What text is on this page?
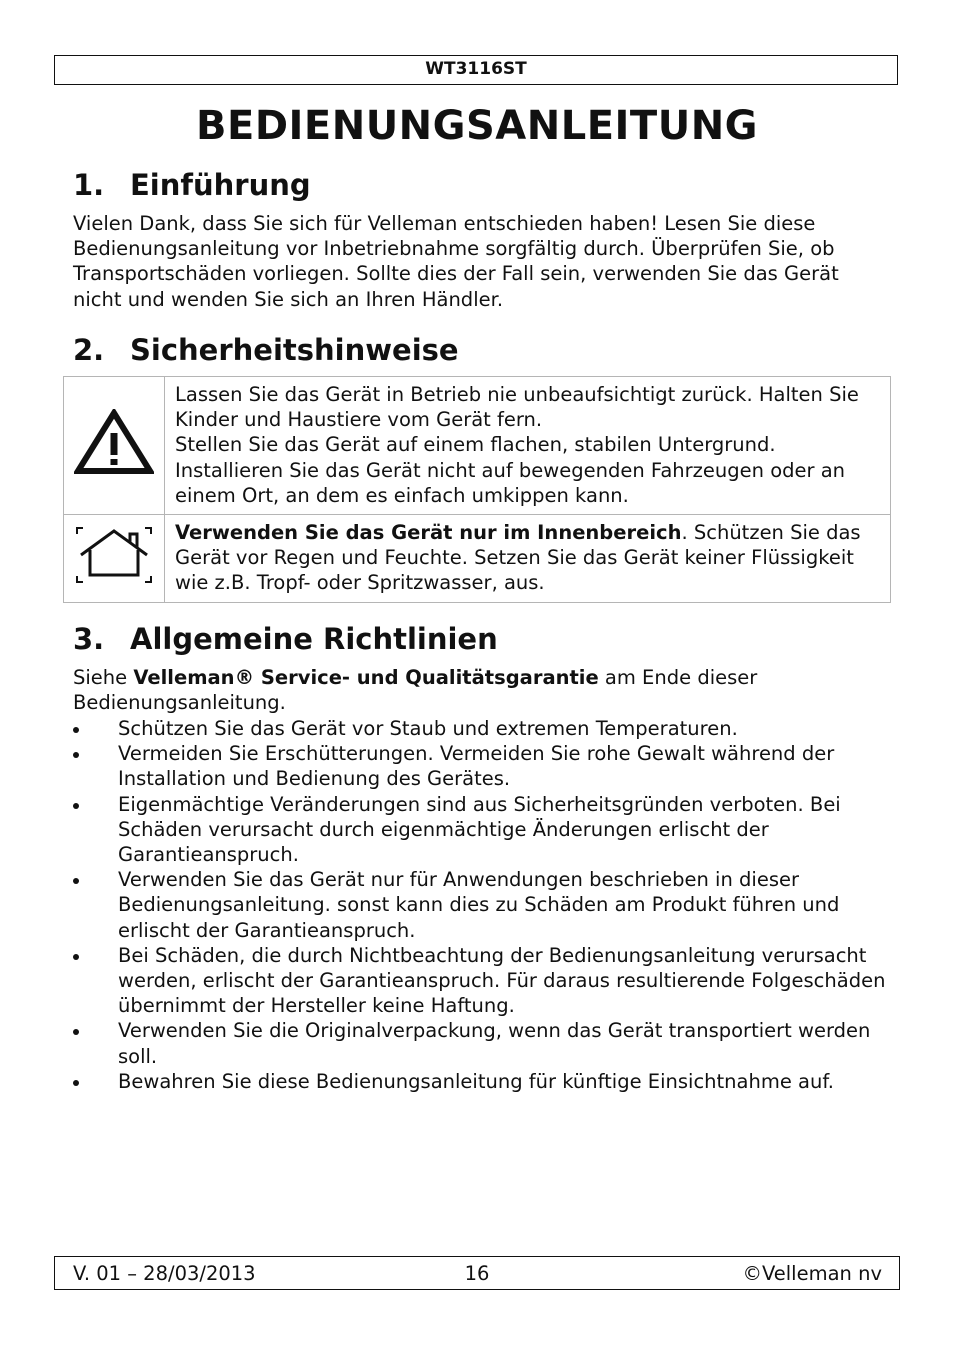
WT3116ST
BEDIENUNGSANLEITUNG
1. Einführung

Vielen Dank, dass Sie sich für Velleman entschieden haben! Lesen Sie diese Bedienungsanleitung vor Inbetriebnahme sorgfältig durch. Überprüfen Sie, ob Transportschäden vorliegen. Sollte dies der Fall sein, verwenden Sie das Gerät nicht und wenden Sie sich an Ihren Händler.

2. Sicherheitshinweise

Lassen Sie das Gerät in Betrieb nie unbeaufsichtigt zurück. Halten Sie Kinder und Haustiere vom Gerät fern.
Stellen Sie das Gerät auf einem flachen, stabilen Untergrund. Installieren Sie das Gerät nicht auf bewegenden Fahrzeugen oder an einem Ort, an dem es einfach umkippen kann.

	Verwenden Sie das Gerät nur im Innenbereich. Schützen Sie das Gerät vor Regen und Feuchte. Setzen Sie das Gerät keiner Flüssigkeit wie z.B. Tropf- oder Spritzwasser, aus.
3. Allgemeine Richtlinien

Siehe Velleman® Service- und Qualitätsgarantie am Ende dieser Bedienungsanleitung.

Schützen Sie das Gerät vor Staub und extremen Temperaturen.
Vermeiden Sie Erschütterungen. Vermeiden Sie rohe Gewalt während der Installation und Bedienung des Gerätes.
Eigenmächtige Veränderungen sind aus Sicherheitsgründen verboten. Bei Schäden verursacht durch eigenmächtige Änderungen erlischt der Garantieanspruch.
Verwenden Sie das Gerät nur für Anwendungen beschrieben in dieser Bedienungsanleitung. sonst kann dies zu Schäden am Produkt führen und erlischt der Garantieanspruch.
Bei Schäden, die durch Nichtbeachtung der Bedienungsanleitung verursacht werden, erlischt der Garantieanspruch. Für daraus resultierende Folgeschäden übernimmt der Hersteller keine Haftung.
Verwenden Sie die Originalverpackung, wenn das Gerät transportiert werden soll.
Bewahren Sie diese Bedienungsanleitung für künftige Einsichtnahme auf.
V. 01 – 28/03/2013	16	©Velleman nv
